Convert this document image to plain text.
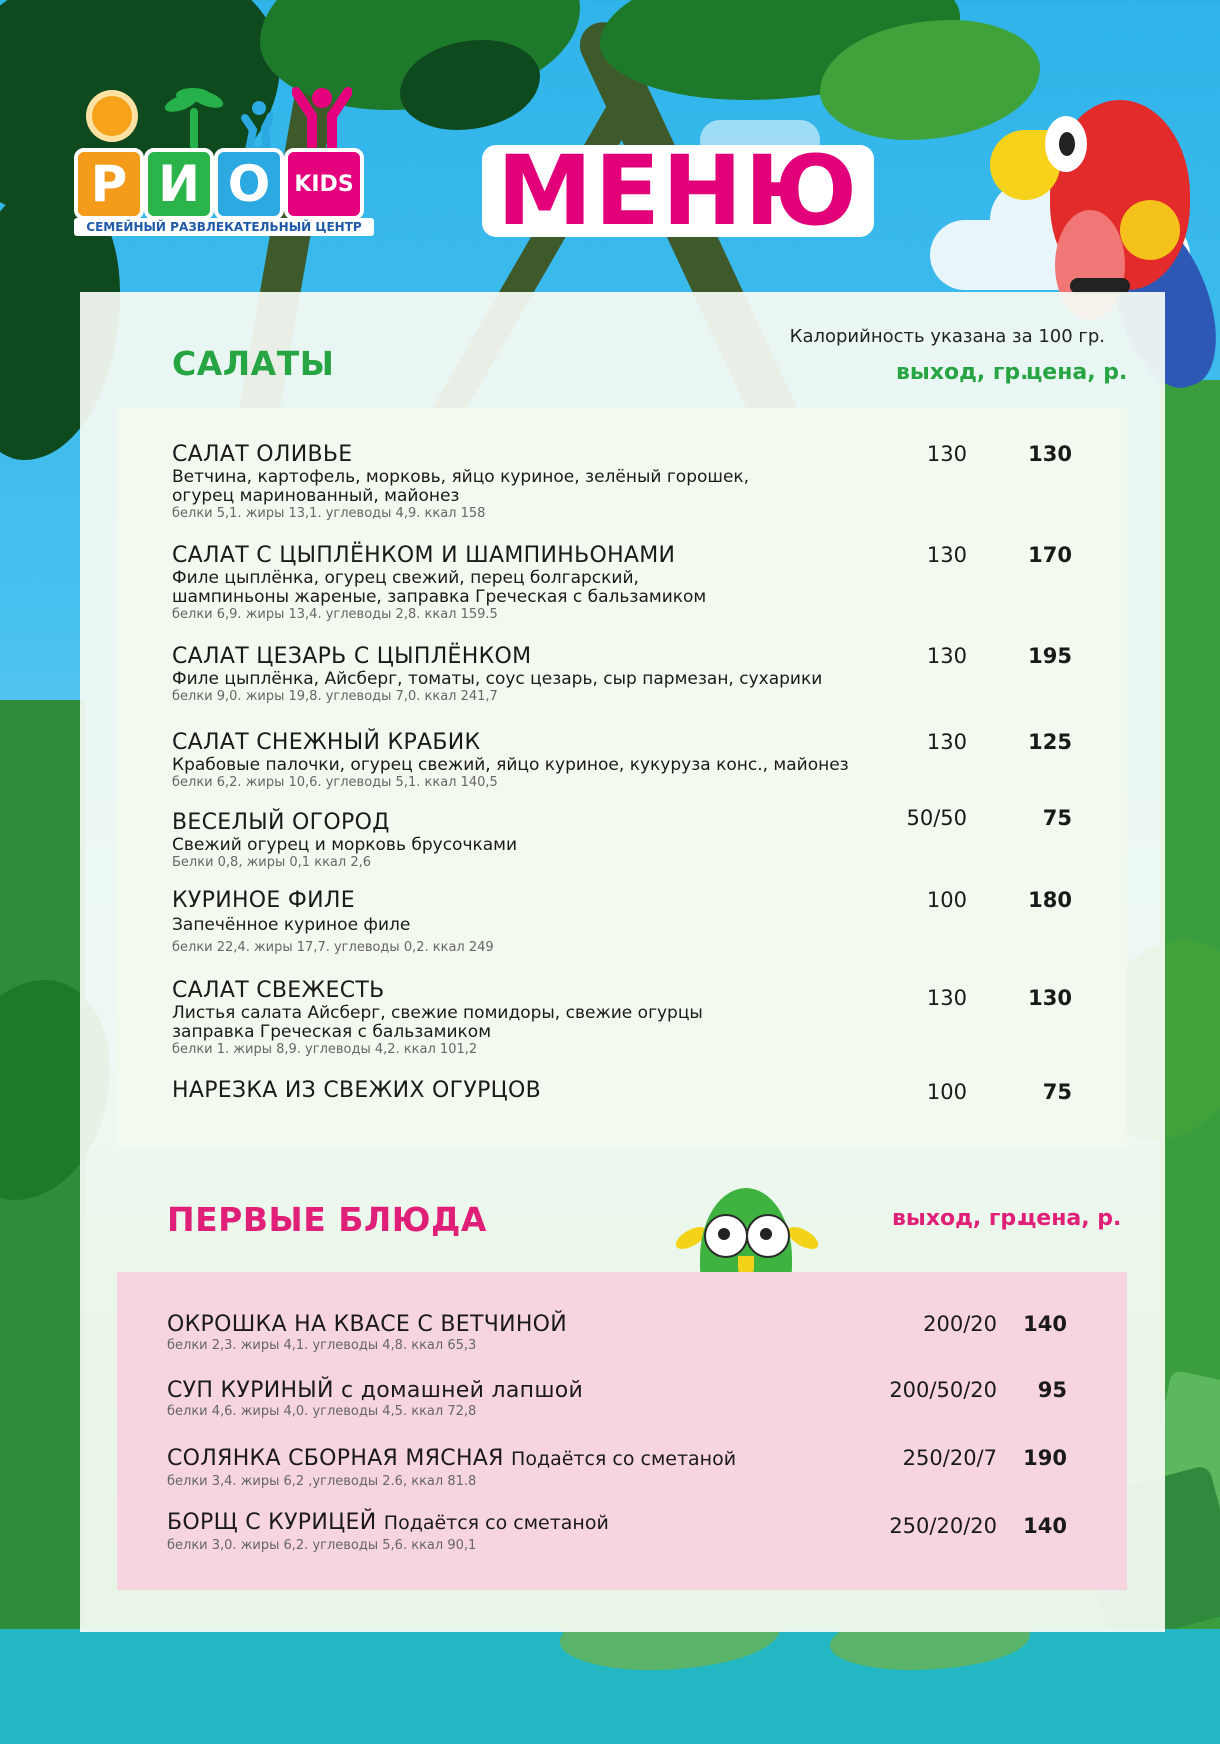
Р И О	KIDS
СЕМЕЙНЫЙ РАЗВЛЕКАТЕЛЬНЫЙ ЦЕНТР МЕНЮ
Калорийность указана за 100 гр.
САЛАТЫ	выход, гр.
цена, р.
САЛАТ ОЛИВЬЕ
Ветчина, картофель, морковь, яйцо куриное, зелёный горошек,
огурец маринованный, майонез
белки 5,1. жиры 13,1. углеводы 4,9. ккал 158
130	130
САЛАТ С ЦЫПЛЁНКОМ И ШАМПИНЬОНАМИ
Филе цыплёнка, огурец свежий, перец болгарский,
шампиньоны жареные, заправка Греческая с бальзамиком
белки 6,9. жиры 13,4. углеводы 2,8. ккал 159.5
130	170
САЛАТ ЦЕЗАРЬ С ЦЫПЛЁНКОМ
Филе цыплёнка, Айсберг, томаты, соус цезарь, сыр пармезан, сухарики
белки 9,0. жиры 19,8. углеводы 7,0. ккал 241,7
130	195
САЛАТ СНЕЖНЫЙ КРАБИК
Крабовые палочки, огурец свежий, яйцо куриное, кукуруза конс., майонез
белки 6,2. жиры 10,6. углеводы 5,1. ккал 140,5
130	125
ВЕСЕЛЫЙ ОГОРОД
Свежий огурец и морковь брусочками
Белки 0,8, жиры 0,1 ккал 2,6
50/50	75
КУРИНОЕ ФИЛЕ
Запечённое куриное филе
белки 22,4. жиры 17,7. углеводы 0,2. ккал 249
100	180
САЛАТ СВЕЖЕСТЬ
Листья салата Айсберг, свежие помидоры, свежие огурцы
заправка Греческая с бальзамиком
белки 1. жиры 8,9. углеводы 4,2. ккал 101,2
130	130
НАРЕЗКА ИЗ СВЕЖИХ ОГУРЦОВ	100	75
ПЕРВЫЕ БЛЮДА	выход, гр.
цена, р.
ОКРОШКА НА КВАСЕ С ВЕТЧИНОЙ
белки 2,3. жиры 4,1. углеводы 4,8. ккал 65,3
200/20	140
СУП КУРИНЫЙ с домашней лапшой
белки 4,6. жиры 4,0. углеводы 4,5. ккал 72,8
200/50/20	95
СОЛЯНКА СБОРНАЯ МЯСНАЯ Подаётся со сметаной
белки 3,4. жиры 6,2 ,углеводы 2.6, ккал 81.8
250/20/7	190
БОРЩ С КУРИЦЕЙ Подаётся со сметаной
белки 3,0. жиры 6,2. углеводы 5,6. ккал 90,1
250/20/20	140
